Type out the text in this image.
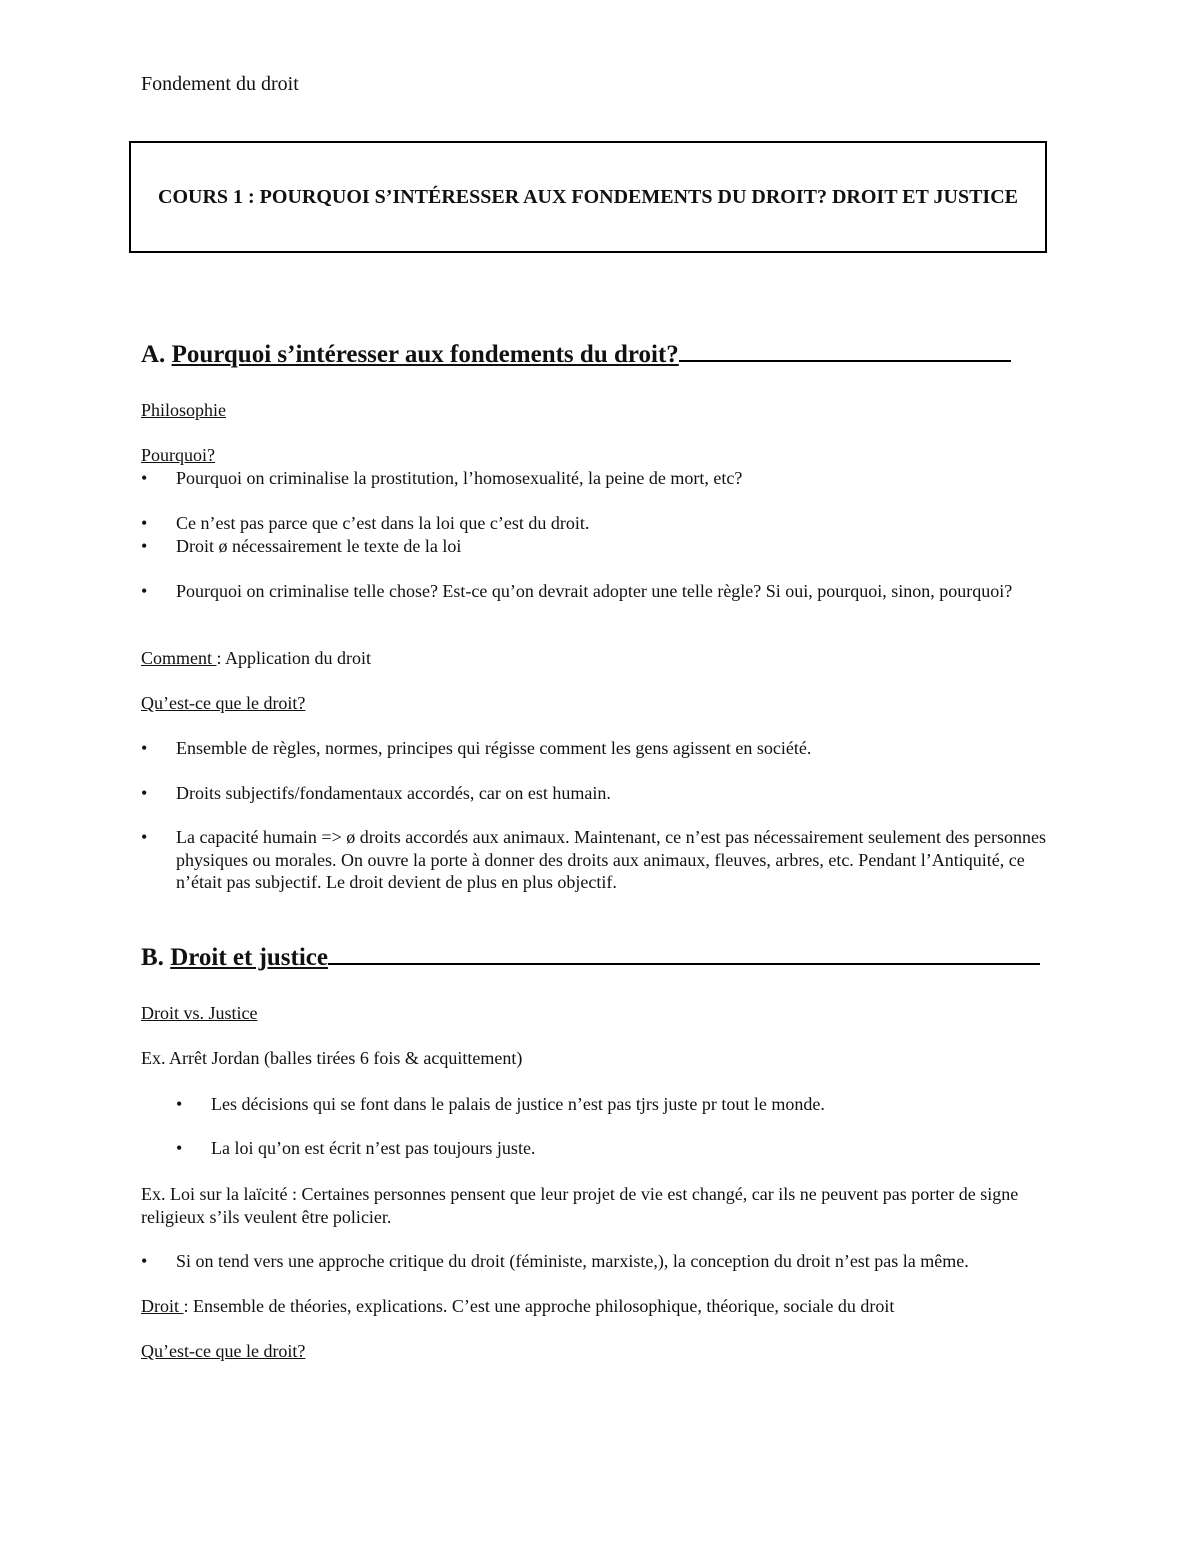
Fondement du droit
COURS 1 : POURQUOI S’INTÉRESSER AUX FONDEMENTS DU DROIT? DROIT ET JUSTICE
A. Pourquoi s’intéresser aux fondements du droit?
Philosophie
Pourquoi?
• Pourquoi on criminalise la prostitution, l’homosexualité, la peine de mort, etc?
• Ce n’est pas parce que c’est dans la loi que c’est du droit.
• Droit ø nécessairement le texte de la loi
• Pourquoi on criminalise telle chose? Est-ce qu’on devrait adopter une telle règle? Si oui, pourquoi, sinon, pourquoi?
Comment : Application du droit
Qu’est-ce que le droit?
• Ensemble de règles, normes, principes qui régisse comment les gens agissent en société.
• Droits subjectifs/fondamentaux accordés, car on est humain.
• La capacité humain => ø droits accordés aux animaux. Maintenant, ce n’est pas nécessairement seulement des personnes physiques ou morales. On ouvre la porte à donner des droits aux animaux, fleuves, arbres, etc. Pendant l’Antiquité, ce n’était pas subjectif. Le droit devient de plus en plus objectif.
B. Droit et justice
Droit vs. Justice
Ex. Arrêt Jordan (balles tirées 6 fois & acquittement)
• Les décisions qui se font dans le palais de justice n’est pas tjrs juste pr tout le monde.
• La loi qu’on est écrit n’est pas toujours juste.
Ex. Loi sur la laïcité : Certaines personnes pensent que leur projet de vie est changé, car ils ne peuvent pas porter de signe religieux s’ils veulent être policier.
• Si on tend vers une approche critique du droit (féministe, marxiste,), la conception du droit n’est pas la même.
Droit : Ensemble de théories, explications. C’est une approche philosophique, théorique, sociale du droit
Qu’est-ce que le droit?
